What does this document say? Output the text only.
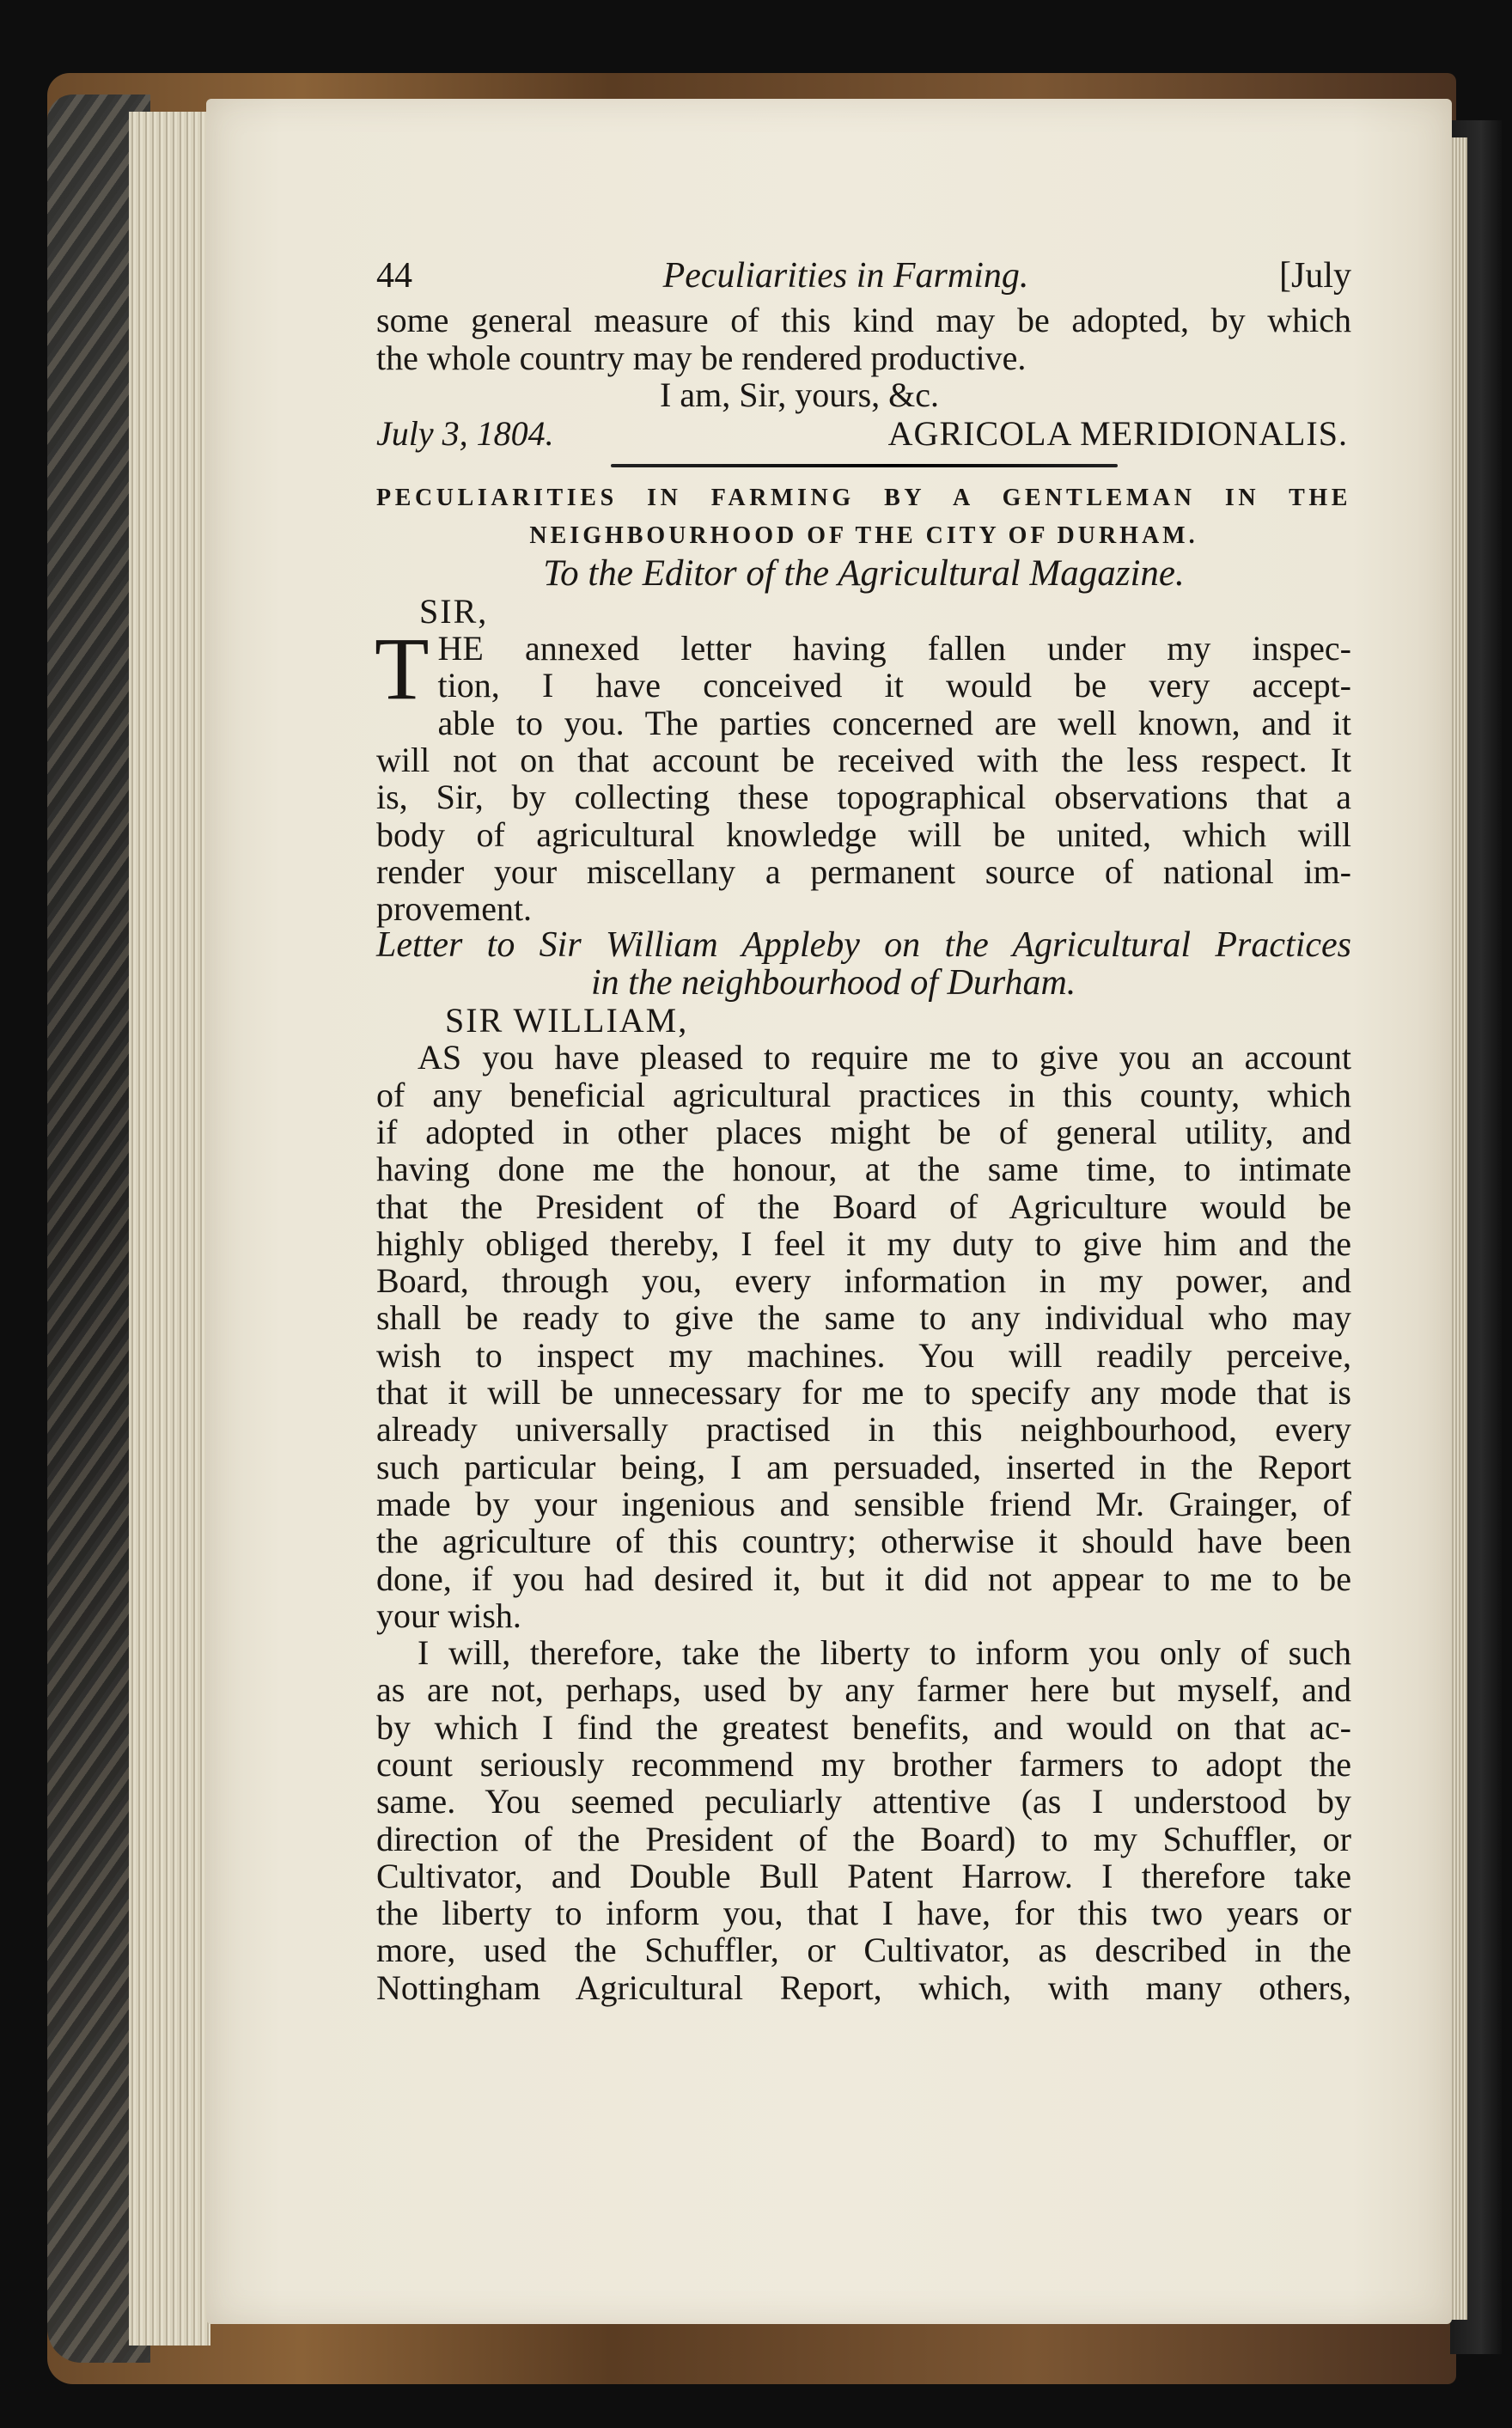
44	Peculiarities in Farming.	[July
some general measure of this kind may be adopted, by which
the whole country may be rendered productive.
I am, Sir, yours, &c.
July 3, 1804.	AGRICOLA MERIDIONALIS.
PECULIARITIES IN FARMING BY A GENTLEMAN IN THE
NEIGHBOURHOOD OF THE CITY OF DURHAM.
To the Editor of the Agricultural Magazine.
SIR,
T HE annexed letter having fallen under my inspec-
tion, I have conceived it would be very accept-
able to you. The parties concerned are well known, and it
will not on that account be received with the less respect. It
is, Sir, by collecting these topographical observations that a
body of agricultural knowledge will be united, which will
render your miscellany a permanent source of national im-
provement.
Letter to Sir William Appleby on the Agricultural Practices
in the neighbourhood of Durham.
SIR WILLIAM,
AS you have pleased to require me to give you an account
of any beneficial agricultural practices in this county, which
if adopted in other places might be of general utility, and
having done me the honour, at the same time, to intimate
that the President of the Board of Agriculture would be
highly obliged thereby, I feel it my duty to give him and the
Board, through you, every information in my power, and
shall be ready to give the same to any individual who may
wish to inspect my machines. You will readily perceive,
that it will be unnecessary for me to specify any mode that is
already universally practised in this neighbourhood, every
such particular being, I am persuaded, inserted in the Report
made by your ingenious and sensible friend Mr. Grainger, of
the agriculture of this country; otherwise it should have been
done, if you had desired it, but it did not appear to me to be
your wish.
I will, therefore, take the liberty to inform you only of such
as are not, perhaps, used by any farmer here but myself, and
by which I find the greatest benefits, and would on that ac-
count seriously recommend my brother farmers to adopt the
same. You seemed peculiarly attentive (as I understood by
direction of the President of the Board) to my Schuffler, or
Cultivator, and Double Bull Patent Harrow. I therefore take
the liberty to inform you, that I have, for this two years or
more, used the Schuffler, or Cultivator, as described in the
Nottingham Agricultural Report, which, with many others,
